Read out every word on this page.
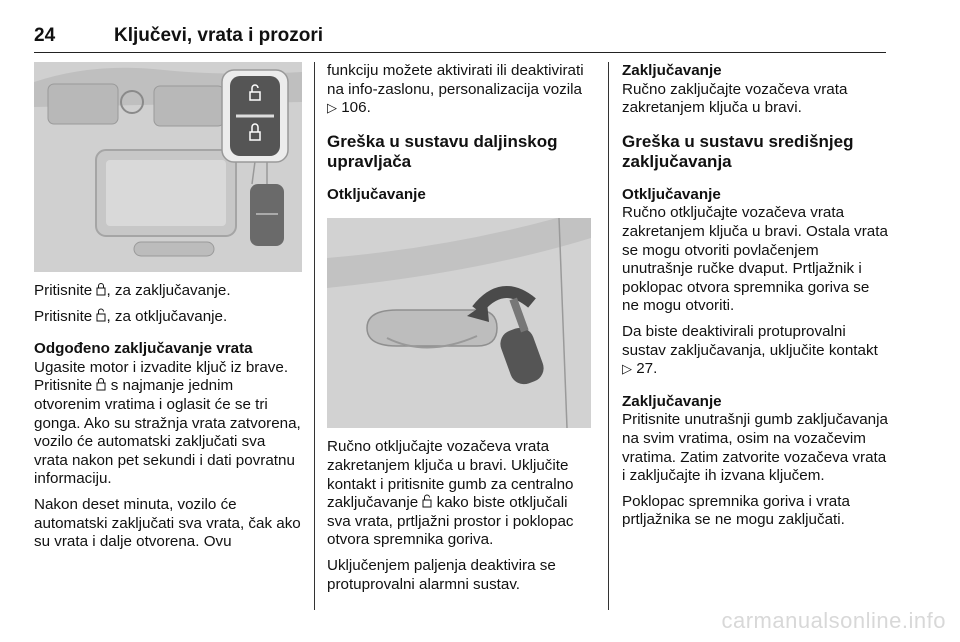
24	Ključevi, vrata i prozori

Pritisnite , za zaključavanje.

Pritisnite , za otključavanje.

Odgođeno zaključavanje vrata

Ugasite motor i izvadite ključ iz brave.
Pritisnite  s najmanje jednim otvorenim vratima i oglasit će se tri gonga. Ako su stražnja vrata zatvorena, vozilo će automatski zaključati sva vrata nakon pet sekundi i dati povratnu informaciju.

Nakon deset minuta, vozilo će automatski zaključati sva vrata, čak ako su vrata i dalje otvorena. Ovu

funkciju možete aktivirati ili deaktivirati na info-zaslonu, personalizacija vozila ▷ 106.

Greška u sustavu daljinskog upravljača

Otključavanje

Ručno otključajte vozačeva vrata zakretanjem ključa u bravi. Uključite kontakt i pritisnite gumb za centralno zaključavanje  kako biste otključali sva vrata, prtljažni prostor i poklopac otvora spremnika goriva.

Uključenjem paljenja deaktivira se protuprovalni alarmni sustav.

Zaključavanje

Ručno zaključajte vozačeva vrata zakretanjem ključa u bravi.

Greška u sustavu središnjeg zaključavanja

Otključavanje

Ručno otključajte vozačeva vrata zakretanjem ključa u bravi. Ostala vrata se mogu otvoriti povlačenjem unutrašnje ručke dvaput. Prtljažnik i poklopac otvora spremnika goriva se ne mogu otvoriti.

Da biste deaktivirali protuprovalni sustav zaključavanja, uključite kontakt ▷ 27.

Zaključavanje

Pritisnite unutrašnji gumb zaključavanja na svim vratima, osim na vozačevim vratima. Zatim zatvorite vozačeva vrata i zaključajte ih izvana ključem.

Poklopac spremnika goriva i vrata prtljažnika se ne mogu zaključati.

carmanualsonline.info
